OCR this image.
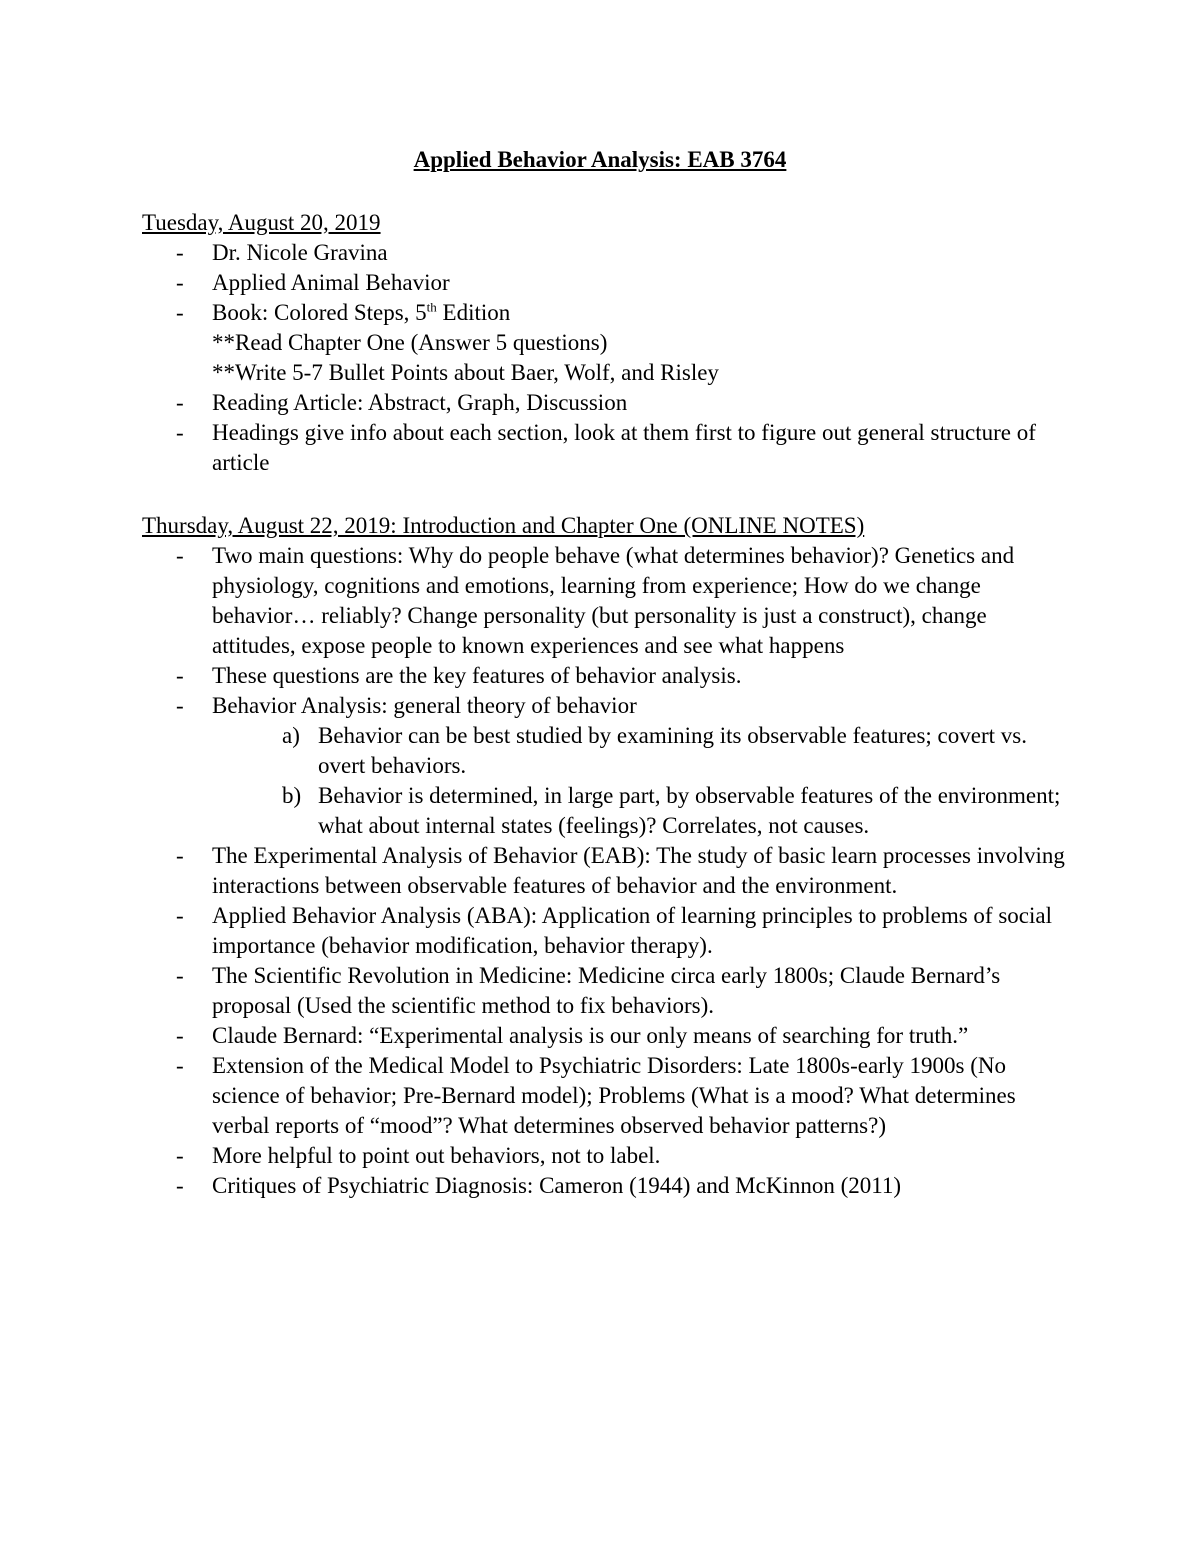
Applied Behavior Analysis: EAB 3764
Tuesday, August 20, 2019
- Dr. Nicole Gravina
- Applied Animal Behavior
- Book: Colored Steps, 5th Edition
**Read Chapter One (Answer 5 questions)
**Write 5-7 Bullet Points about Baer, Wolf, and Risley
- Reading Article: Abstract, Graph, Discussion
- Headings give info about each section, look at them first to figure out general structure of article
Thursday, August 22, 2019: Introduction and Chapter One (ONLINE NOTES)
- Two main questions: Why do people behave (what determines behavior)? Genetics and physiology, cognitions and emotions, learning from experience; How do we change behavior… reliably? Change personality (but personality is just a construct), change attitudes, expose people to known experiences and see what happens
- These questions are the key features of behavior analysis.
- Behavior Analysis: general theory of behavior
a) Behavior can be best studied by examining its observable features; covert vs. overt behaviors.
b) Behavior is determined, in large part, by observable features of the environment; what about internal states (feelings)? Correlates, not causes.
- The Experimental Analysis of Behavior (EAB): The study of basic learn processes involving interactions between observable features of behavior and the environment.
- Applied Behavior Analysis (ABA): Application of learning principles to problems of social importance (behavior modification, behavior therapy).
- The Scientific Revolution in Medicine: Medicine circa early 1800s; Claude Bernard’s proposal (Used the scientific method to fix behaviors).
- Claude Bernard: “Experimental analysis is our only means of searching for truth.”
- Extension of the Medical Model to Psychiatric Disorders: Late 1800s-early 1900s (No science of behavior; Pre-Bernard model); Problems (What is a mood? What determines verbal reports of “mood”? What determines observed behavior patterns?)
- More helpful to point out behaviors, not to label.
- Critiques of Psychiatric Diagnosis: Cameron (1944) and McKinnon (2011)
